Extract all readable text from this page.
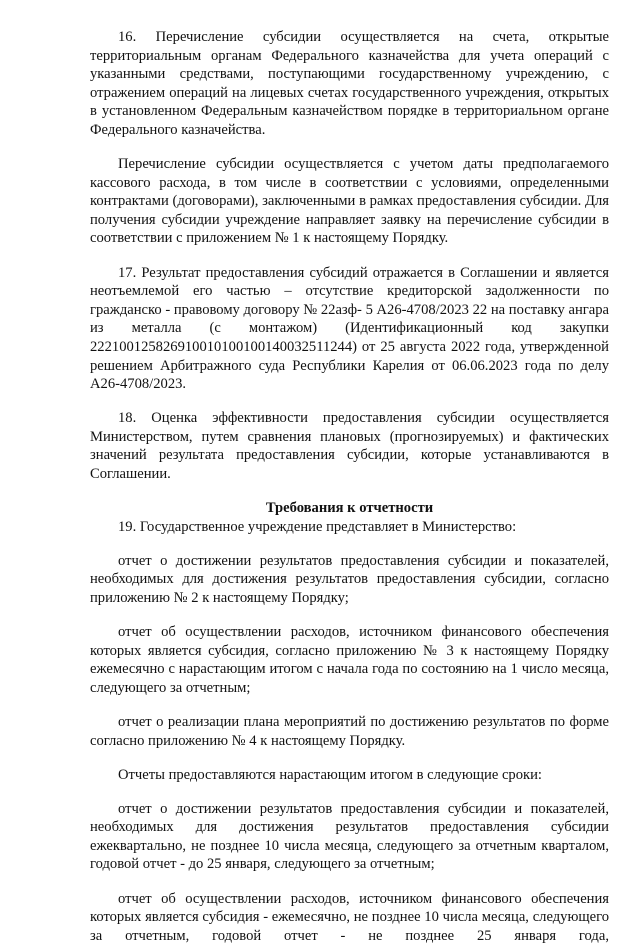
16. Перечисление субсидии осуществляется на счета, открытые территориальным органам Федерального казначейства для учета операций с указанными средствами, поступающими государственному учреждению, с отражением операций на лицевых счетах государственного учреждения, открытых в установленном Федеральным казначейством порядке в территориальном органе Федерального казначейства.

Перечисление субсидии осуществляется с учетом даты предполагаемого кассового расхода, в том числе в соответствии с условиями, определенными контрактами (договорами), заключенными в рамках предоставления субсидии. Для получения субсидии учреждение направляет заявку на перечисление субсидии в соответствии с приложением № 1 к настоящему Порядку.

17. Результат предоставления субсидий отражается в Соглашении и является неотъемлемой его частью – отсутствие кредиторской задолженности по гражданско - правовому договору № 22азф- 5 А26-4708/2023 22 на поставку ангара из металла (с монтажом) (Идентификационный код закупки 222100125826910010100100140032511244) от 25 августа 2022 года, утвержденной решением Арбитражного суда Республики Карелия от 06.06.2023 года по делу А26-4708/2023.

18. Оценка эффективности предоставления субсидии осуществляется Министерством, путем сравнения плановых (прогнозируемых) и фактических значений результата предоставления субсидии, которые устанавливаются в Соглашении.

Требования к отчетности

19. Государственное учреждение представляет в Министерство:

отчет о достижении результатов предоставления субсидии и показателей, необходимых для достижения результатов предоставления субсидии, согласно приложению № 2 к настоящему Порядку;

отчет об осуществлении расходов, источником финансового обеспечения которых является субсидия, согласно приложению № 3 к настоящему Порядку ежемесячно с нарастающим итогом с начала года по состоянию на 1 число месяца, следующего за отчетным;

отчет о реализации плана мероприятий по достижению результатов по форме согласно приложению № 4 к настоящему Порядку.

Отчеты предоставляются нарастающим итогом в следующие сроки:

отчет о достижении результатов предоставления субсидии и показателей, необходимых для достижения результатов предоставления субсидии ежеквартально, не позднее 10 числа месяца, следующего за отчетным кварталом, годовой отчет - до 25 января, следующего за отчетным;

отчет об осуществлении расходов, источником финансового обеспечения которых является субсидия - ежемесячно, не позднее 10 числа месяца, следующего за отчетным, годовой отчет - не позднее 25 января года,
